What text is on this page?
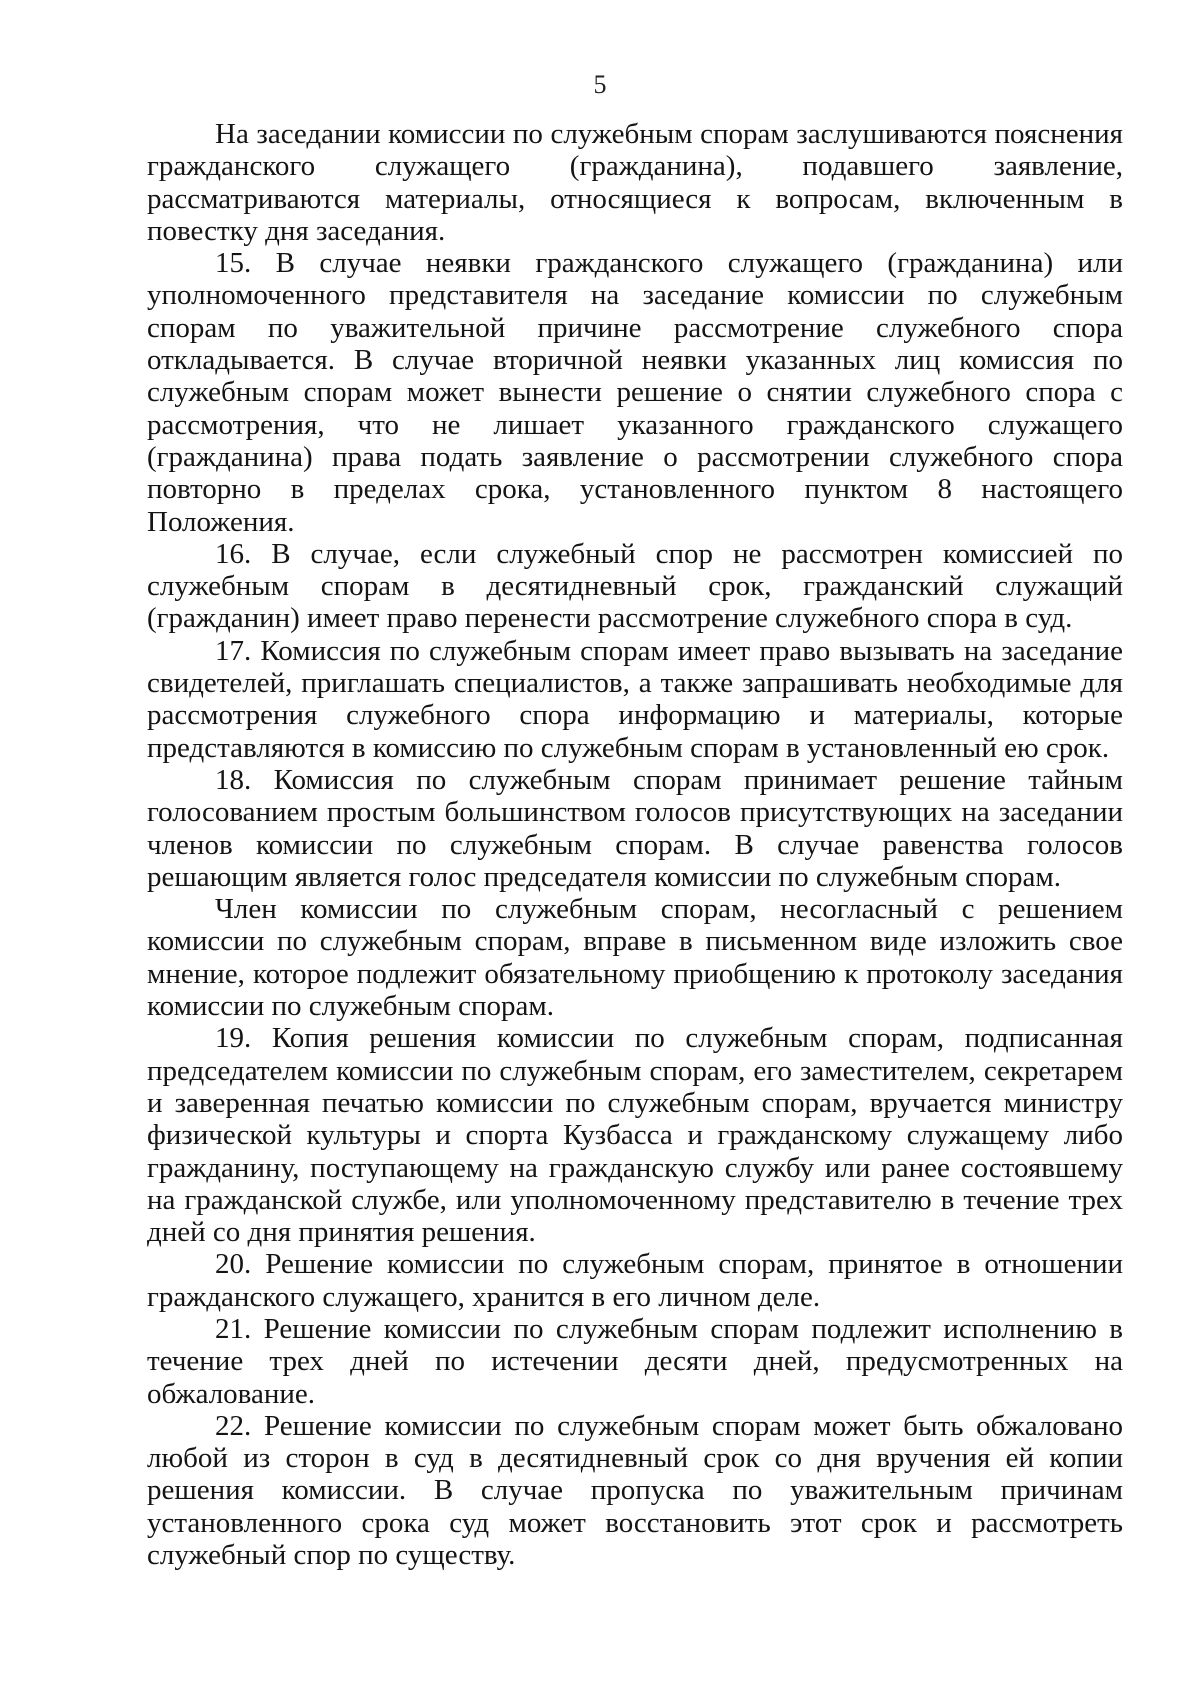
5

На заседании комиссии по служебным спорам заслушиваются пояснения гражданского служащего (гражданина), подавшего заявление, рассматриваются материалы, относящиеся к вопросам, включенным в повестку дня заседания.

15. В случае неявки гражданского служащего (гражданина) или уполномоченного представителя на заседание комиссии по служебным спорам по уважительной причине рассмотрение служебного спора откладывается. В случае вторичной неявки указанных лиц комиссия по служебным спорам может вынести решение о снятии служебного спора с рассмотрения, что не лишает указанного гражданского служащего (гражданина) права подать заявление о рассмотрении служебного спора повторно в пределах срока, установленного пунктом 8 настоящего Положения.

16. В случае, если служебный спор не рассмотрен комиссией по служебным спорам в десятидневный срок, гражданский служащий (гражданин) имеет право перенести рассмотрение служебного спора в суд.

17. Комиссия по служебным спорам имеет право вызывать на заседание свидетелей, приглашать специалистов, а также запрашивать необходимые для рассмотрения служебного спора информацию и материалы, которые представляются в комиссию по служебным спорам в установленный ею срок.

18. Комиссия по служебным спорам принимает решение тайным голосованием простым большинством голосов присутствующих на заседании членов комиссии по служебным спорам. В случае равенства голосов решающим является голос председателя комиссии по служебным спорам.

Член комиссии по служебным спорам, несогласный с решением комиссии по служебным спорам, вправе в письменном виде изложить свое мнение, которое подлежит обязательному приобщению к протоколу заседания комиссии по служебным спорам.

19. Копия решения комиссии по служебным спорам, подписанная председателем комиссии по служебным спорам, его заместителем, секретарем и заверенная печатью комиссии по служебным спорам, вручается министру физической культуры и спорта Кузбасса и гражданскому служащему либо гражданину, поступающему на гражданскую службу или ранее состоявшему на гражданской службе, или уполномоченному представителю в течение трех дней со дня принятия решения.

20. Решение комиссии по служебным спорам, принятое в отношении гражданского служащего, хранится в его личном деле.

21. Решение комиссии по служебным спорам подлежит исполнению в течение трех дней по истечении десяти дней, предусмотренных на обжалование.

22. Решение комиссии по служебным спорам может быть обжаловано любой из сторон в суд в десятидневный срок со дня вручения ей копии решения комиссии. В случае пропуска по уважительным причинам установленного срока суд может восстановить этот срок и рассмотреть служебный спор по существу.
